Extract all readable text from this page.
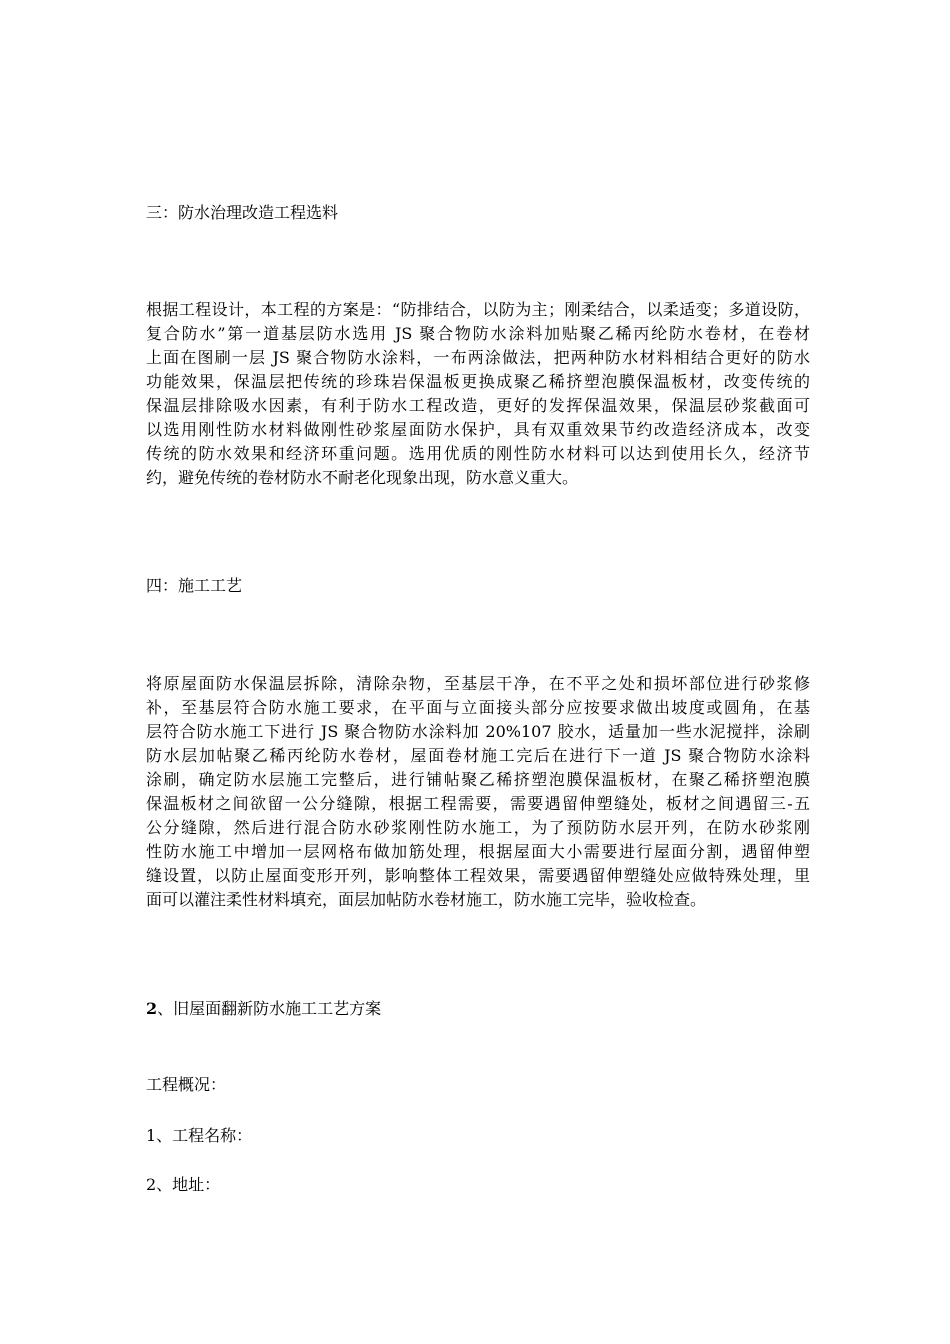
三：防水治理改造工程选料
根据工程设计，本工程的方案是：“防排结合，以防为主；刚柔结合，以柔适变；多道设防，
复合防水”第一道基层防水选用 JS 聚合物防水涂料加贴聚乙稀丙纶防水卷材，在卷材
上面在图刷一层 JS 聚合物防水涂料，一布两涂做法，把两种防水材料相结合更好的防水
功能效果，保温层把传统的珍珠岩保温板更换成聚乙稀挤塑泡膜保温板材，改变传统的
保温层排除吸水因素，有利于防水工程改造，更好的发挥保温效果，保温层砂浆截面可
以选用刚性防水材料做刚性砂浆屋面防水保护，具有双重效果节约改造经济成本，改变
传统的防水效果和经济环重问题。选用优质的刚性防水材料可以达到使用长久，经济节
约，避免传统的卷材防水不耐老化现象出现，防水意义重大。
四：施工工艺
将原屋面防水保温层拆除，清除杂物，至基层干净，在不平之处和损坏部位进行砂浆修
补，至基层符合防水施工要求，在平面与立面接头部分应按要求做出坡度或圆角，在基
层符合防水施工下进行 JS 聚合物防水涂料加 20%107 胶水，适量加一些水泥搅拌，涂刷
防水层加帖聚乙稀丙纶防水卷材，屋面卷材施工完后在进行下一道 JS 聚合物防水涂料
涂刷，确定防水层施工完整后，进行铺帖聚乙稀挤塑泡膜保温板材，在聚乙稀挤塑泡膜
保温板材之间欲留一公分缝隙，根据工程需要，需要遇留伸塑缝处，板材之间遇留三-五
公分缝隙，然后进行混合防水砂浆刚性防水施工，为了预防防水层开列，在防水砂浆刚
性防水施工中增加一层网格布做加筋处理，根据屋面大小需要进行屋面分割，遇留伸塑
缝设置，以防止屋面变形开列，影响整体工程效果，需要遇留伸塑缝处应做特殊处理，里
面可以灌注柔性材料填充，面层加帖防水卷材施工，防水施工完毕，验收检查。
2、旧屋面翻新防水施工工艺方案
工程概况：
1、工程名称：
2、地址：
